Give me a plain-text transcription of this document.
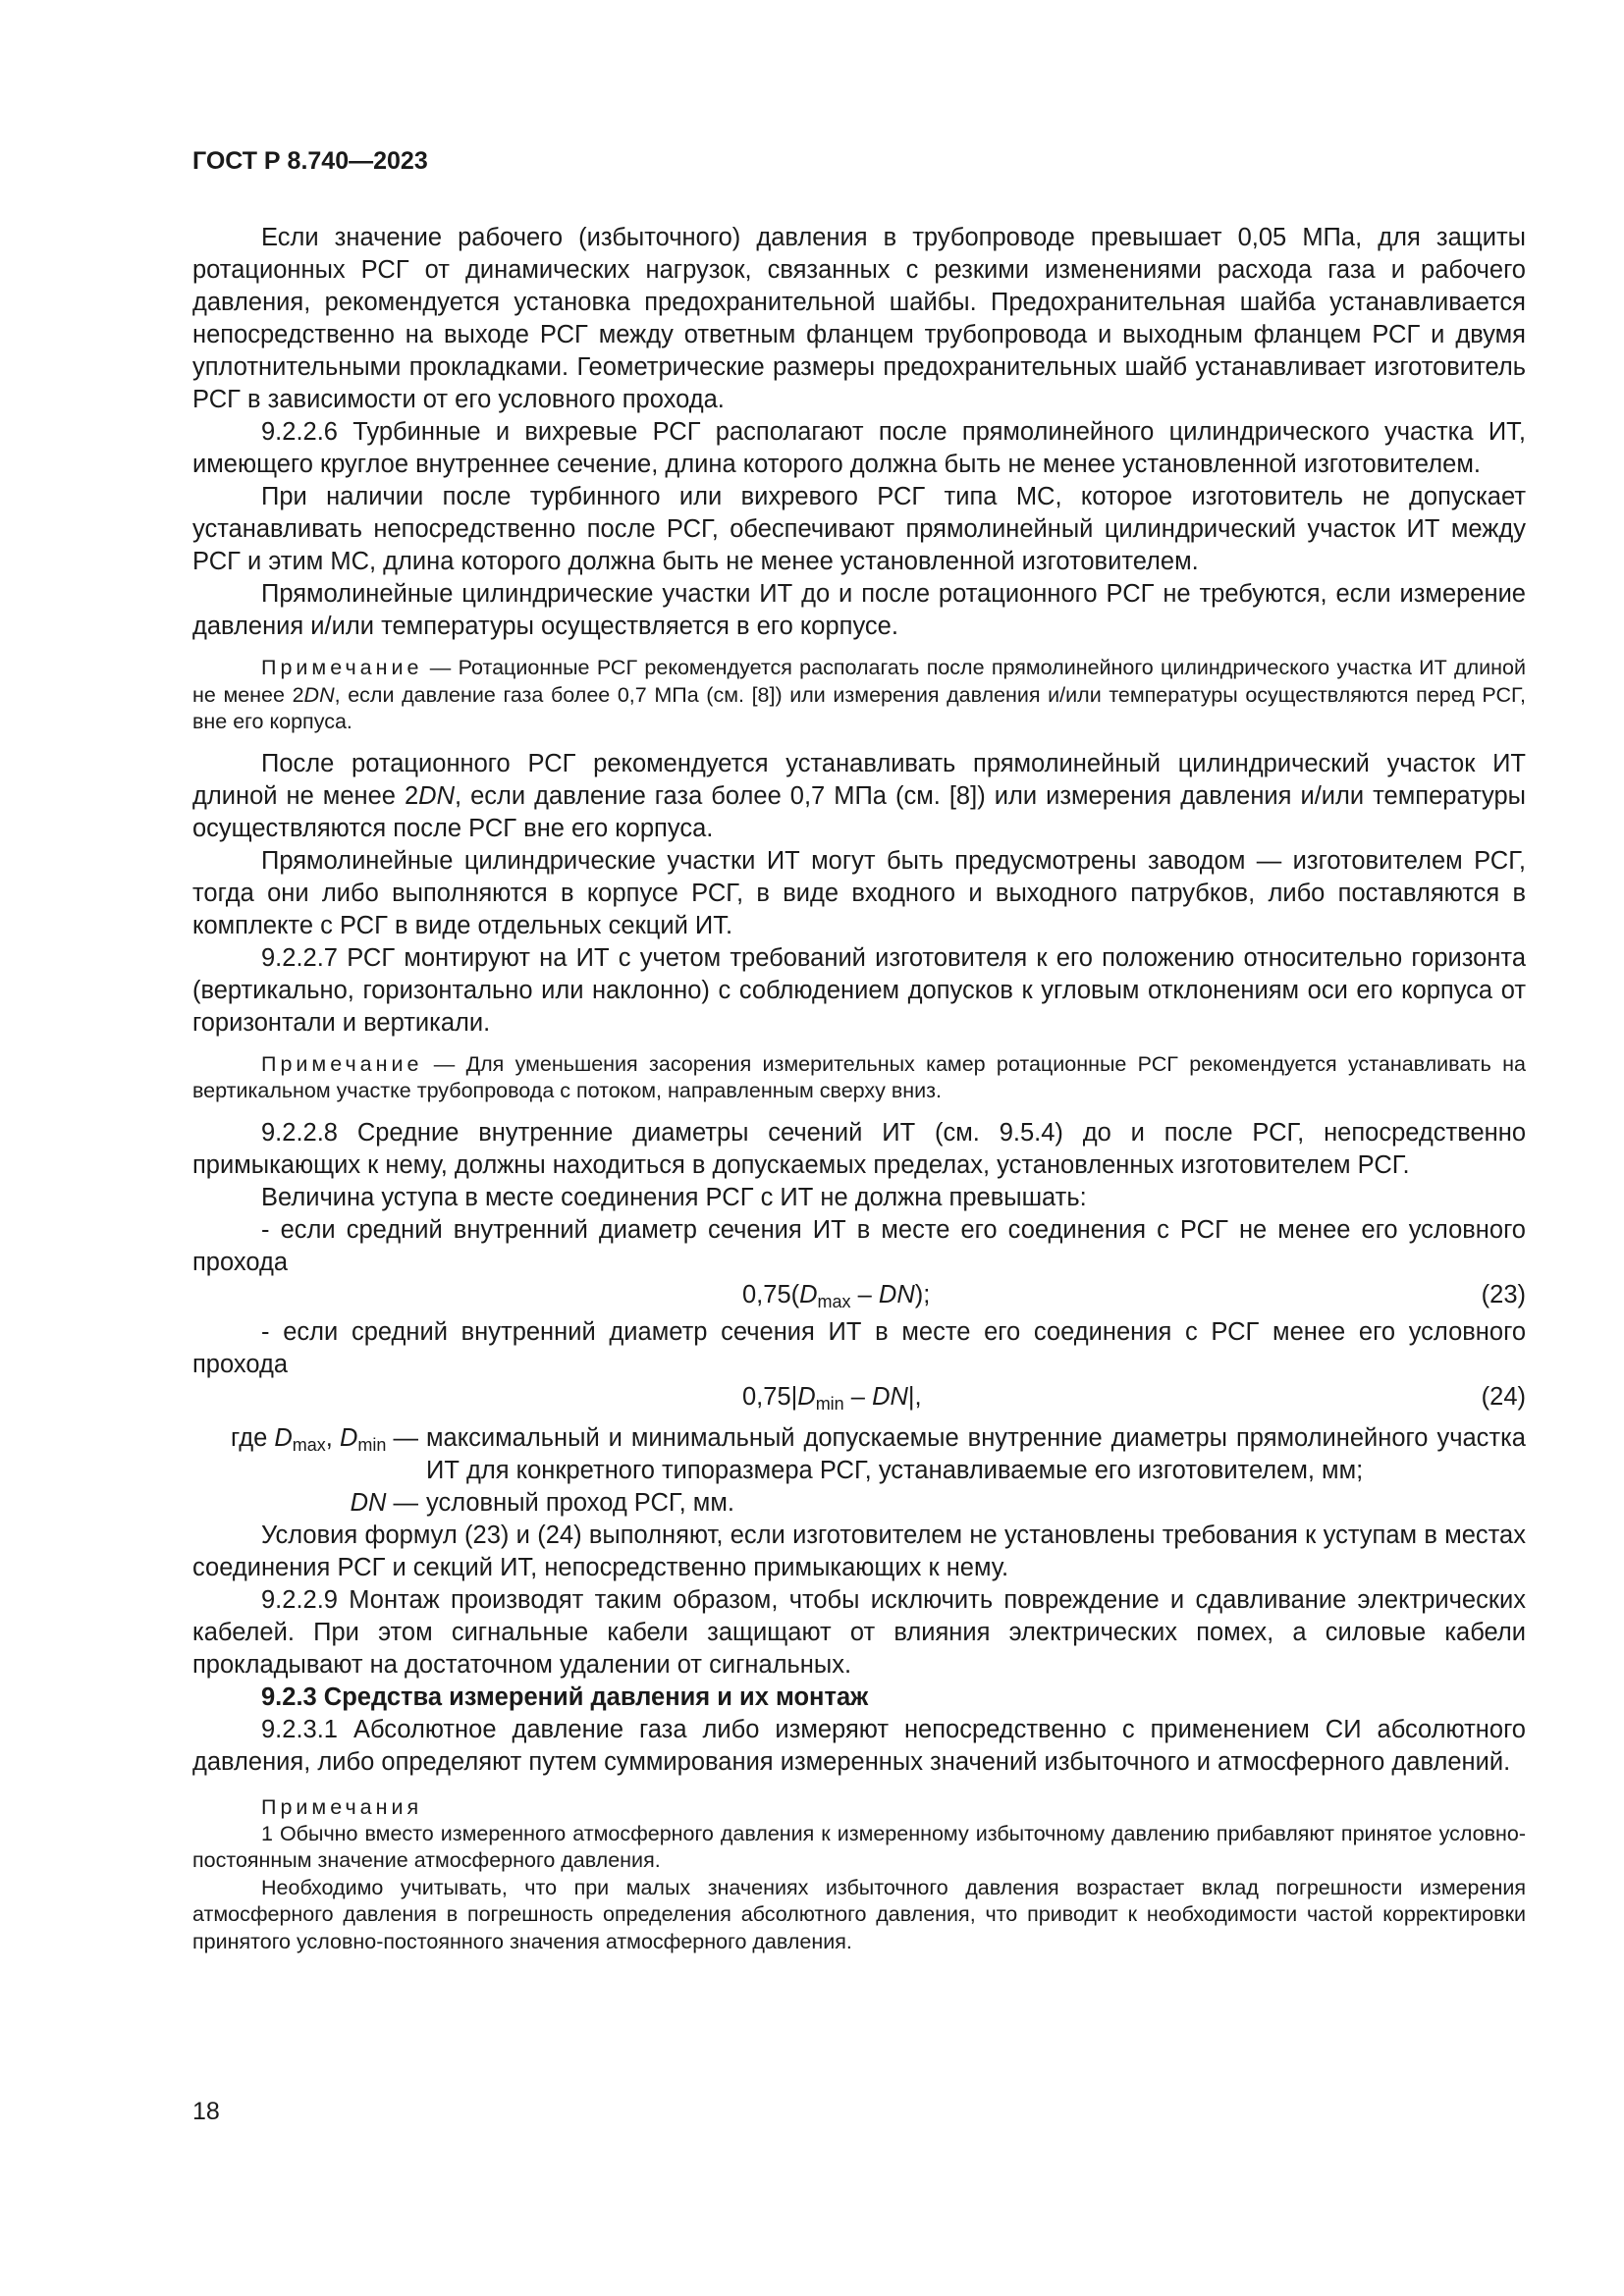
ГОСТ Р 8.740—2023

Если значение рабочего (избыточного) давления в трубопроводе превышает 0,05 МПа, для защиты ротационных РСГ от динамических нагрузок, связанных с резкими изменениями расхода газа и рабочего давления, рекомендуется установка предохранительной шайбы. Предохранительная шайба устанавливается непосредственно на выходе РСГ между ответным фланцем трубопровода и выходным фланцем РСГ и двумя уплотнительными прокладками. Геометрические размеры предохранительных шайб устанавливает изготовитель РСГ в зависимости от его условного прохода.

9.2.2.6 Турбинные и вихревые РСГ располагают после прямолинейного цилиндрического участка ИТ, имеющего круглое внутреннее сечение, длина которого должна быть не менее установленной изготовителем.

При наличии после турбинного или вихревого РСГ типа МС, которое изготовитель не допускает устанавливать непосредственно после РСГ, обеспечивают прямолинейный цилиндрический участок ИТ между РСГ и этим МС, длина которого должна быть не менее установленной изготовителем.

Прямолинейные цилиндрические участки ИТ до и после ротационного РСГ не требуются, если измерение давления и/или температуры осуществляется в его корпусе.

Примечание — Ротационные РСГ рекомендуется располагать после прямолинейного цилиндрического участка ИТ длиной не менее 2DN, если давление газа более 0,7 МПа (см. [8]) или измерения давления и/или температуры осуществляются перед РСГ, вне его корпуса.

После ротационного РСГ рекомендуется устанавливать прямолинейный цилиндрический участок ИТ длиной не менее 2DN, если давление газа более 0,7 МПа (см. [8]) или измерения давления и/или температуры осуществляются после РСГ вне его корпуса.

Прямолинейные цилиндрические участки ИТ могут быть предусмотрены заводом — изготовителем РСГ, тогда они либо выполняются в корпусе РСГ, в виде входного и выходного патрубков, либо поставляются в комплекте с РСГ в виде отдельных секций ИТ.

9.2.2.7 РСГ монтируют на ИТ с учетом требований изготовителя к его положению относительно горизонта (вертикально, горизонтально или наклонно) с соблюдением допусков к угловым отклонениям оси его корпуса от горизонтали и вертикали.

Примечание — Для уменьшения засорения измерительных камер ротационные РСГ рекомендуется устанавливать на вертикальном участке трубопровода с потоком, направленным сверху вниз.

9.2.2.8 Средние внутренние диаметры сечений ИТ (см. 9.5.4) до и после РСГ, непосредственно примыкающих к нему, должны находиться в допускаемых пределах, установленных изготовителем РСГ.

Величина уступа в месте соединения РСГ с ИТ не должна превышать:

- если средний внутренний диаметр сечения ИТ в месте его соединения с РСГ не менее его условного прохода

$0,75(D_{max} - DN)$;	(23)

- если средний внутренний диаметр сечения ИТ в месте его соединения с РСГ менее его условного прохода

$0,75|D_{min} - DN|$,	(24)
где $D_{max}$, $D_{min}$ — максимальный и минимальный допускаемые внутренние диаметры прямолинейного участка ИТ для конкретного типоразмера РСГ, устанавливаемые его изготовителем, мм;

DN — условный проход РСГ, мм.

Условия формул (23) и (24) выполняют, если изготовителем не установлены требования к уступам в местах соединения РСГ и секций ИТ, непосредственно примыкающих к нему.

9.2.2.9 Монтаж производят таким образом, чтобы исключить повреждение и сдавливание электрических кабелей. При этом сигнальные кабели защищают от влияния электрических помех, а силовые кабели прокладывают на достаточном удалении от сигнальных.

9.2.3 Средства измерений давления и их монтаж

9.2.3.1 Абсолютное давление газа либо измеряют непосредственно с применением СИ абсолютного давления, либо определяют путем суммирования измеренных значений избыточного и атмосферного давлений.

Примечания

1 Обычно вместо измеренного атмосферного давления к измеренному избыточному давлению прибавляют принятое условно-постоянным значение атмосферного давления.

Необходимо учитывать, что при малых значениях избыточного давления возрастает вклад погрешности измерения атмосферного давления в погрешность определения абсолютного давления, что приводит к необходимости частой корректировки принятого условно-постоянного значения атмосферного давления.

18
